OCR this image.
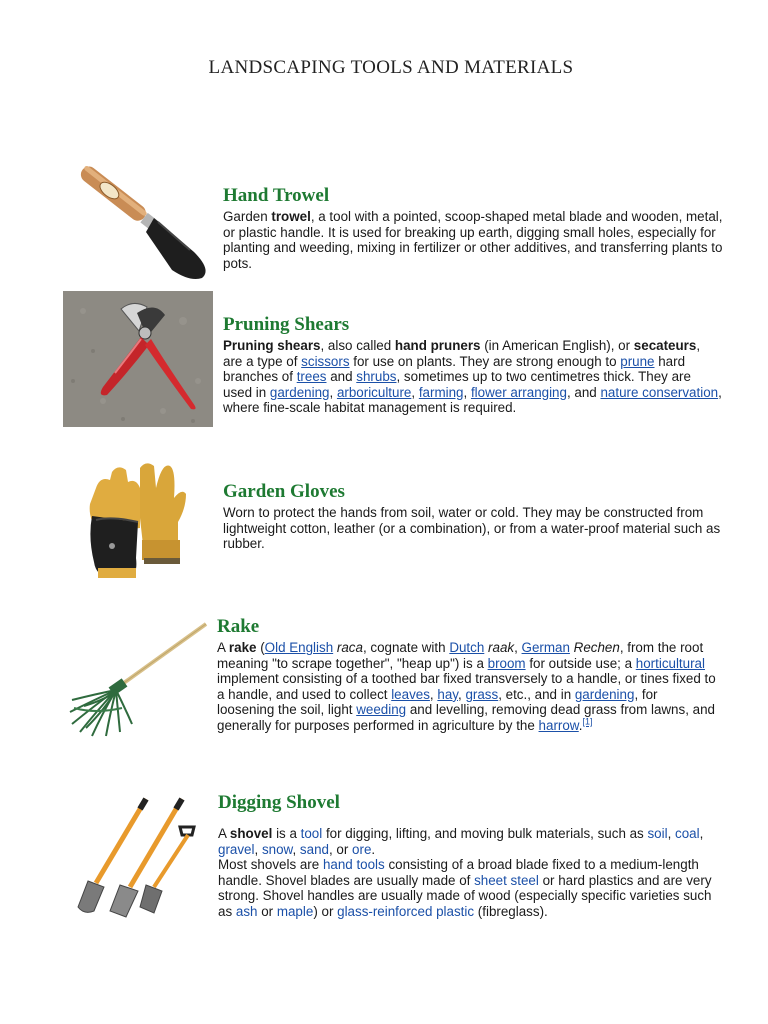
LANDSCAPING TOOLS AND MATERIALS
Hand Trowel

Garden trowel, a tool with a pointed, scoop-shaped metal blade and wooden, metal, or plastic handle. It is used for breaking up earth, digging small holes, especially for planting and weeding, mixing in fertilizer or other additives, and transferring plants to pots.

Pruning Shears

Pruning shears, also called hand pruners (in American English), or secateurs, are a type of scissors for use on plants. They are strong enough to prune hard branches of trees and shrubs, sometimes up to two centimetres thick. They are used in gardening, arboriculture, farming, flower arranging, and nature conservation, where fine-scale habitat management is required.

Garden Gloves

Worn to protect the hands from soil, water or cold. They may be constructed from lightweight cotton, leather (or a combination), or from a water-proof material such as rubber.

Rake

A rake (Old English raca, cognate with Dutch raak, German Rechen, from the root meaning "to scrape together", "heap up") is a broom for outside use; a horticultural implement consisting of a toothed bar fixed transversely to a handle, or tines fixed to a handle, and used to collect leaves, hay, grass, etc., and in gardening, for loosening the soil, light weeding and levelling, removing dead grass from lawns, and generally for purposes performed in agriculture by the harrow.[1]

Digging Shovel

A shovel is a tool for digging, lifting, and moving bulk materials, such as soil, coal, gravel, snow, sand, or ore.
Most shovels are hand tools consisting of a broad blade fixed to a medium-length handle. Shovel blades are usually made of sheet steel or hard plastics and are very strong. Shovel handles are usually made of wood (especially specific varieties such as ash or maple) or glass-reinforced plastic (fibreglass).
